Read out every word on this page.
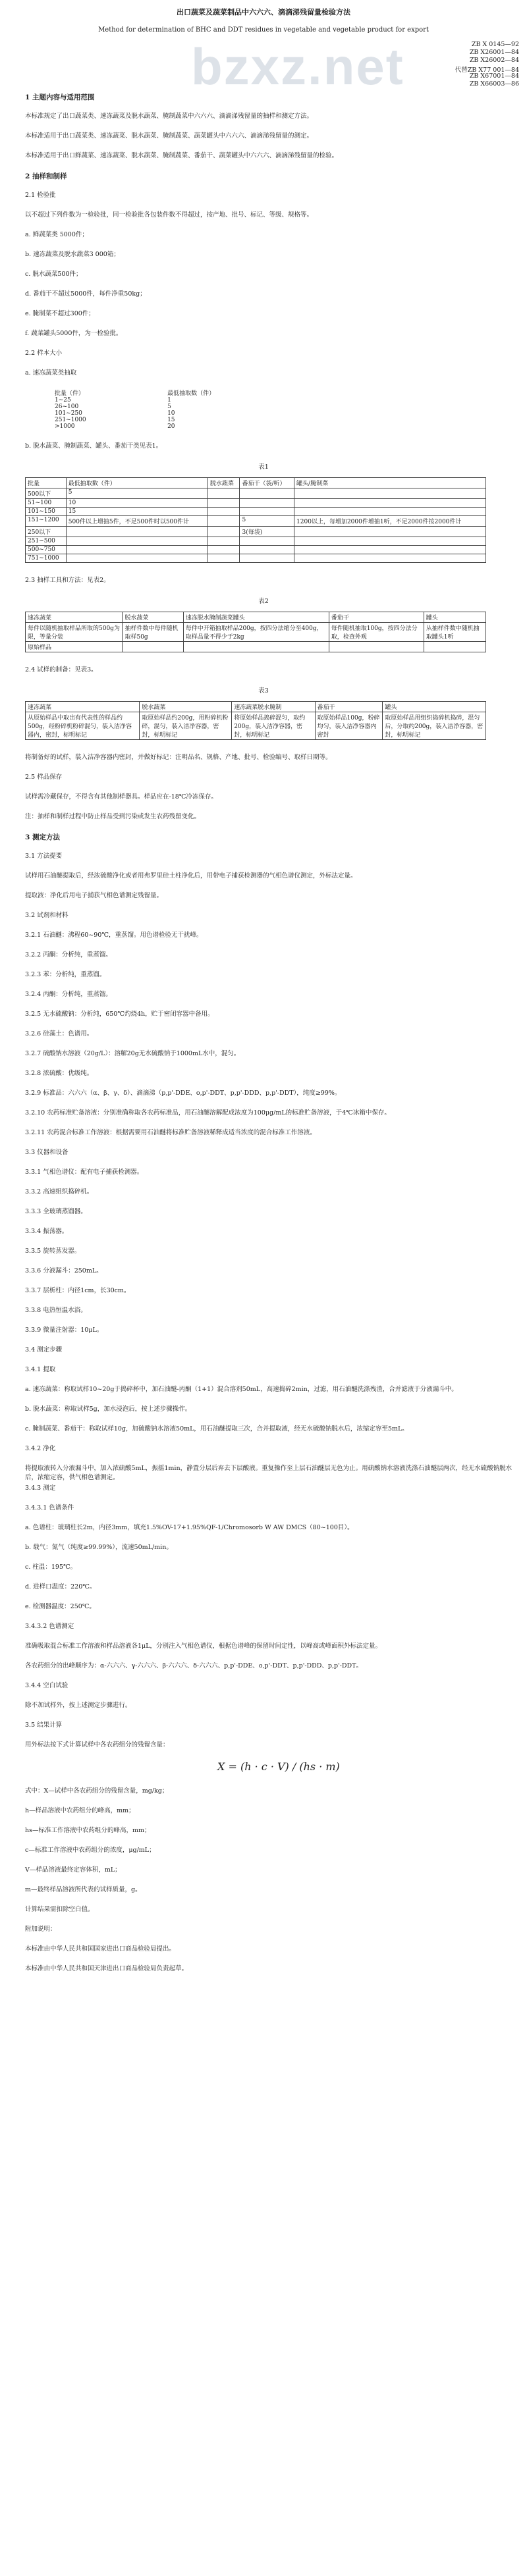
bzxz.net
出口蔬菜及蔬菜制品中六六六、滴滴涕残留量检验方法
Method for determination of BHC and DDT residues in vegetable and vegetable product for export
ZB X 0145—92
ZB X26001—84
ZB X26002—84
代替ZB X77 001—84
ZB X67001—84
ZB X66003—86
1 主题内容与适用范围
本标准规定了出口蔬菜类、速冻蔬菜及脱水蔬菜、腌制蔬菜中六六六、滴滴涕残留量的抽样和测定方法。
本标准适用于出口蔬菜类、速冻蔬菜、脱水蔬菜、腌制蔬菜、蔬菜罐头中六六六、滴滴涕残留量的测定。
本标准适用于出口鲜蔬菜、速冻蔬菜、脱水蔬菜、腌制蔬菜、番茄干、蔬菜罐头中六六六、滴滴涕残留量的检验。
2 抽样和制样
2.1 检验批
以不超过下列件数为一检验批，同一检验批各包装件数不得超过，按产地、批号、标记、等级、规格等。
a. 鲜蔬菜类 5000件；
b. 速冻蔬菜及脱水蔬菜3 000箱；
c. 脱水蔬菜500件；
d. 番茄干不超过5000件，每件净重50kg；
e. 腌制菜不超过300件；
f. 蔬菜罐头5000件，为一检验批。
2.2 样本大小
a. 速冻蔬菜类抽取
批量（件）	最低抽取数（件）
1~25	1
26~100	5
101~250	10
251~1000	15
>1000	20
b. 脱水蔬菜、腌制蔬菜、罐头、番茄干类见表1。
表1
批量	最低抽取数（件）	脱水蔬菜	番茄干（袋/听）	罐头/腌制菜
500以下	5			
51~100	10			
101~150	15			
151~1200	500件以上增抽5件，不足500件时以500件计		5	1200以上，每增加2000件增抽1听，不足2000件按2000件计
250以下			3(每袋)	
251~500				
500~750				
751~1000				
2.3 抽样工具和方法：见表2。
表2
速冻蔬菜	脱水蔬菜	速冻脱水腌制蔬菜罐头	番茄干	罐头
每件以随机抽取样品所取的500g为限，等量分装	抽样件数中每件随机取样50g	每件中开箱抽取样品200g，按四分法缩分至400g，取样品量不得少于2kg	每件随机抽取100g，按四分法分取，检查外观	从抽样件数中随机抽取罐头1听
原始样品				
2.4 试样的制备：见表3。
表3
速冻蔬菜	脱水蔬菜	速冻蔬菜脱水腌制	番茄干	罐头
从原始样品中取出有代表性的样品约500g，经粉碎机粉碎混匀，装入洁净容器内，密封，标明标记	取原始样品约200g，用粉碎机粉碎，混匀，装入洁净容器，密封，标明标记	将原始样品捣碎混匀，取约200g，装入洁净容器，密封，标明标记	取原始样品100g，粉碎均匀，装入洁净容器内密封	取原始样品用组织捣碎机捣碎，混匀后，分取约200g，装入洁净容器，密封，标明标记
将制备好的试样，装入洁净容器内密封，并做好标记：注明品名、规格、产地、批号、检验编号、取样日期等。
2.5 样品保存
试样需冷藏保存，不得含有其他制样器具。样品应在-18℃冷冻保存。
注：抽样和制样过程中防止样品受到污染或发生农药残留变化。
3 测定方法
3.1 方法提要
试样用石油醚提取后，经浓硫酸净化或者用弗罗里硅土柱净化后，用带电子捕获检测器的气相色谱仪测定，外标法定量。
提取液：净化后用电子捕获气相色谱测定残留量。
3.2 试剂和材料
3.2.1 石油醚：沸程60~90℃，重蒸馏。用色谱检验无干扰峰。
3.2.2 丙酮：分析纯，重蒸馏。
3.2.3 苯：分析纯，重蒸馏。
3.2.4 丙酮：分析纯，重蒸馏。
3.2.5 无水硫酸钠：分析纯，650℃灼烧4h，贮于密闭容器中备用。
3.2.6 硅藻土：色谱用。
3.2.7 硫酸钠水溶液（20g/L）：溶解20g无水硫酸钠于1000mL水中，混匀。
3.2.8 浓硫酸：优级纯。
3.2.9 标准品：六六六（α、β、γ、δ）、滴滴涕（p,p'-DDE、o,p'-DDT、p,p'-DDD、p,p'-DDT），纯度≥99%。
3.2.10 农药标准贮备溶液：分别准确称取各农药标准品，用石油醚溶解配成浓度为100μg/mL的标准贮备溶液，于4℃冰箱中保存。
3.2.11 农药混合标准工作溶液：根据需要用石油醚将标准贮备溶液稀释成适当浓度的混合标准工作溶液。
3.3 仪器和设备
3.3.1 气相色谱仪：配有电子捕获检测器。
3.3.2 高速组织捣碎机。
3.3.3 全玻璃蒸馏器。
3.3.4 振荡器。
3.3.5 旋转蒸发器。
3.3.6 分液漏斗：250mL。
3.3.7 层析柱：内径1cm，长30cm。
3.3.8 电热恒温水浴。
3.3.9 微量注射器：10μL。
3.4 测定步骤
3.4.1 提取
a. 速冻蔬菜：称取试样10~20g于捣碎杯中，加石油醚-丙酮（1+1）混合溶剂50mL，高速捣碎2min，过滤，用石油醚洗涤残渣，合并滤液于分液漏斗中。
b. 脱水蔬菜：称取试样5g，加水浸泡后，按上述步骤操作。
c. 腌制蔬菜、番茄干：称取试样10g，加硫酸钠水溶液50mL，用石油醚提取三次，合并提取液，经无水硫酸钠脱水后，浓缩定容至5mL。
3.4.2 净化
将提取液转入分液漏斗中，加入浓硫酸5mL，振摇1min，静置分层后弃去下层酸液。重复操作至上层石油醚层无色为止。用硫酸钠水溶液洗涤石油醚层两次，经无水硫酸钠脱水后，浓缩定容，供气相色谱测定。
3.4.3 测定
3.4.3.1 色谱条件
a. 色谱柱：玻璃柱长2m，内径3mm，填充1.5%OV-17+1.95%QF-1/Chromosorb W AW DMCS（80~100目）。
b. 载气：氮气（纯度≥99.99%），流速50mL/min。
c. 柱温：195℃。
d. 进样口温度：220℃。
e. 检测器温度：250℃。
3.4.3.2 色谱测定
准确吸取混合标准工作溶液和样品溶液各1μL，分别注入气相色谱仪，根据色谱峰的保留时间定性，以峰高或峰面积外标法定量。
各农药组分的出峰顺序为：α-六六六、γ-六六六、β-六六六、δ-六六六、p,p'-DDE、o,p'-DDT、p,p'-DDD、p,p'-DDT。
3.4.4 空白试验
除不加试样外，按上述测定步骤进行。
3.5 结果计算
用外标法按下式计算试样中各农药组分的残留含量：
X = (h · c · V) / (hs · m)
式中：X—试样中各农药组分的残留含量，mg/kg；
h—样品溶液中农药组分的峰高，mm；
hs—标准工作溶液中农药组分的峰高，mm；
c—标准工作溶液中农药组分的浓度，μg/mL；
V—样品溶液最终定容体积，mL；
m—最终样品溶液所代表的试样质量，g。
计算结果需扣除空白值。
附加说明：
本标准由中华人民共和国国家进出口商品检验局提出。
本标准由中华人民共和国天津进出口商品检验局负责起草。
